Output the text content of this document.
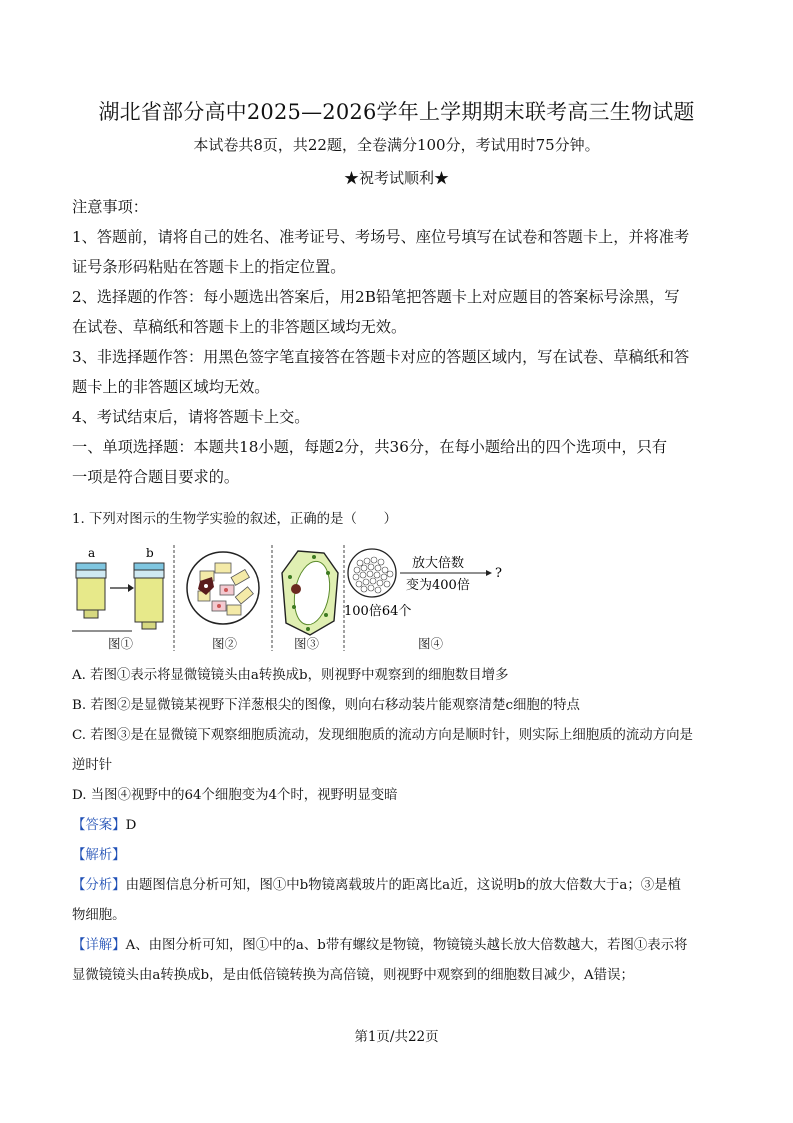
湖北省部分高中2025—2026学年上学期期末联考高三生物试题
本试卷共8页，共22题，全卷满分100分，考试用时75分钟。
★祝考试顺利★
注意事项：
1、答题前，请将自己的姓名、准考证号、考场号、座位号填写在试卷和答题卡上，并将准考
证号条形码粘贴在答题卡上的指定位置。
2、选择题的作答：每小题选出答案后，用2B铅笔把答题卡上对应题目的答案标号涂黑，写
在试卷、草稿纸和答题卡上的非答题区域均无效。
3、非选择题作答：用黑色签字笔直接答在答题卡对应的答题区域内，写在试卷、草稿纸和答
题卡上的非答题区域均无效。
4、考试结束后，请将答题卡上交。
一、单项选择题：本题共18小题，每题2分，共36分，在每小题给出的四个选项中，只有
一项是符合题目要求的。
1. 下列对图示的生物学实验的叙述，正确的是（　　）
a	b
放大倍数
?
变为400倍
100倍64个
图①	图②	图③	图④
A. 若图①表示将显微镜镜头由a转换成b，则视野中观察到的细胞数目增多
B. 若图②是显微镜某视野下洋葱根尖的图像，则向右移动装片能观察清楚c细胞的特点
C. 若图③是在显微镜下观察细胞质流动，发现细胞质的流动方向是顺时针，则实际上细胞质的流动方向是
逆时针
D. 当图④视野中的64个细胞变为4个时，视野明显变暗
【答案】D
【解析】
【分析】由题图信息分析可知，图①中b物镜离载玻片的距离比a近，这说明b的放大倍数大于a；③是植
物细胞。
【详解】A、由图分析可知，图①中的a、b带有螺纹是物镜，物镜镜头越长放大倍数越大，若图①表示将
显微镜镜头由a转换成b，是由低倍镜转换为高倍镜，则视野中观察到的细胞数目减少，A错误；
第1页/共22页
